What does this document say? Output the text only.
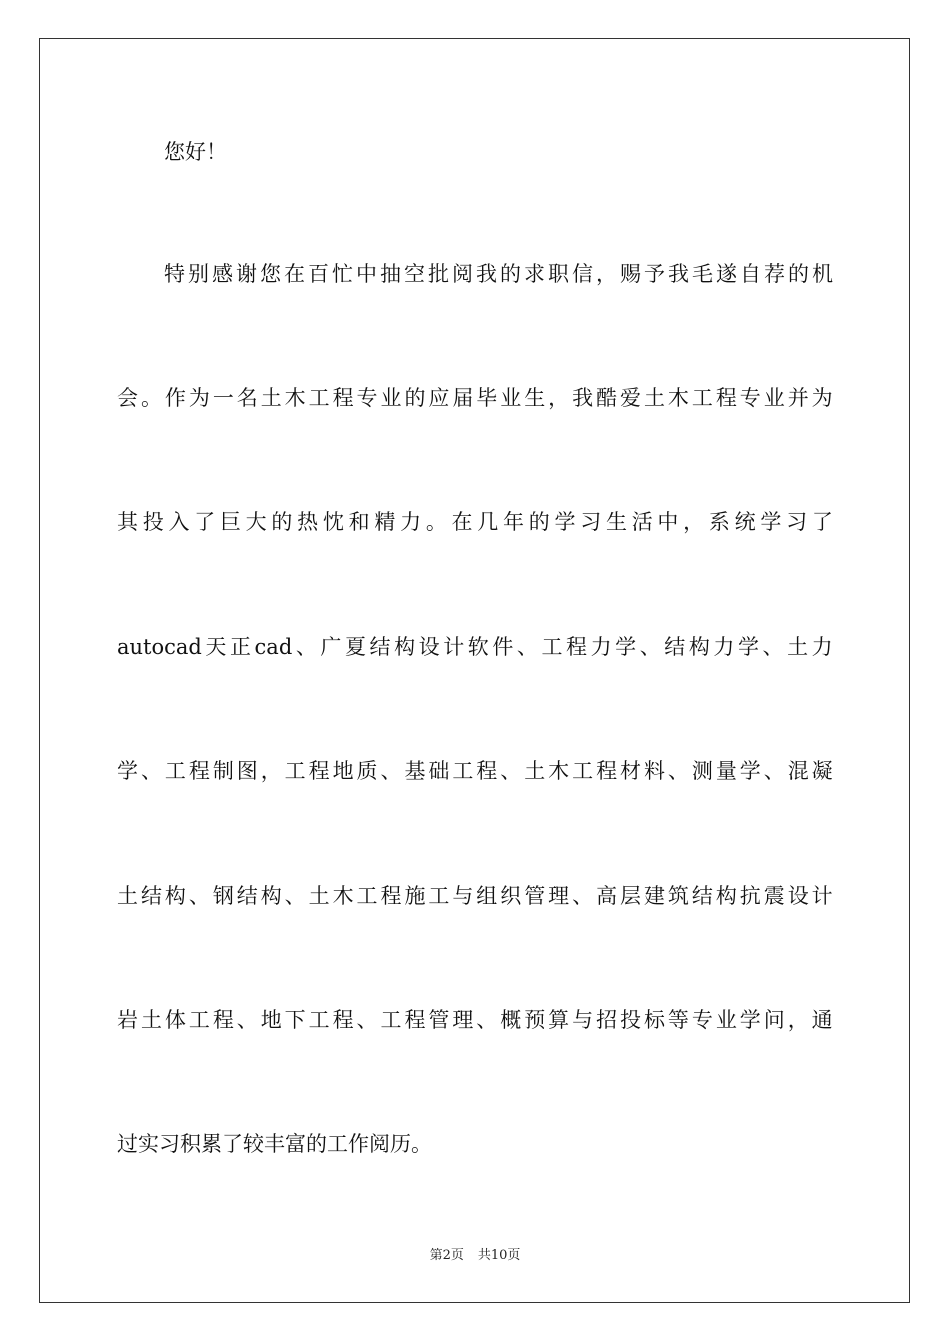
您好！
特 别 感 谢 您 在 百 忙 中 抽 空 批 阅 我 的 求 职 信 ， 赐 予 我 毛 遂 自 荐 的 机
会 。 作 为 一 名 土 木 工 程 专 业 的 应 届 毕 业 生 ， 我 酷 爱 土 木 工 程 专 业 并 为
其 投 入 了 巨 大 的 热 忱 和 精 力 。 在 几 年 的 学 习 生 活 中 ， 系 统 学 习 了
autocad 天 正 cad 、 广 夏 结 构 设 计 软 件 、 工 程 力 学 、 结 构 力 学 、 土 力
学 、 工 程 制 图 ， 工 程 地 质 、 基 础 工 程 、 土 木 工 程 材 料 、 测 量 学 、 混 凝
土 结 构 、 钢 结 构 、 土 木 工 程 施 工 与 组 织 管 理 、 高 层 建 筑 结 构 抗 震 设 计
岩 土 体 工 程 、 地 下 工 程 、 工 程 管 理 、 概 预 算 与 招 投 标 等 专 业 学 问 ， 通
过实习积累了较丰富的工作阅历。
第2页 共10页
